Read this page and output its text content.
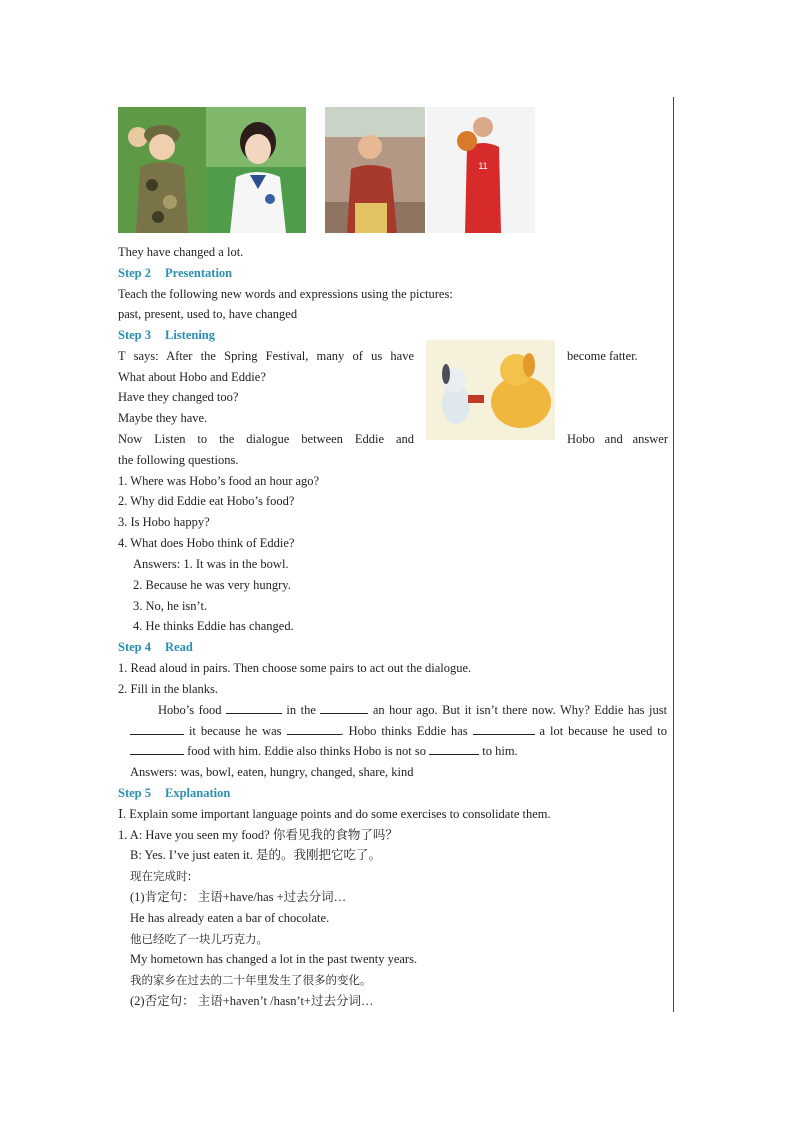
11
They have changed a lot.
Step 2 Presentation
Teach the following new words and expressions using the pictures:
past, present, used to, have changed
Step 3 Listening
T says: After the Spring Festival, many of us have	become fatter.
What about Hobo and Eddie?
Have they changed too?
Maybe they have.
Now Listen to the dialogue between Eddie and	Hobo and answer
the following questions.
1. Where was Hobo’s food an hour ago?
2. Why did Eddie eat Hobo’s food?
3. Is Hobo happy?
4. What does Hobo think of Eddie?
Answers: 1. It was in the bowl.
2. Because he was very hungry.
3. No, he isn’t.
4. He thinks Eddie has changed.
Step 4 Read
1. Read aloud in pairs. Then choose some pairs to act out the dialogue.
2. Fill in the blanks.
Hobo’s food	in the	an hour ago. But it isn’t there now. Why? Eddie has just  it because he was	. Hobo thinks Eddie has	a lot because he used to  food with him. Eddie also thinks Hobo is not so	to him.
Answers: was, bowl, eaten, hungry, changed, share, kind
Step 5 Explanation
Ⅰ. Explain some important language points and do some exercises to consolidate them.
1. A: Have you seen my food? 你看见我的食物了吗？
B: Yes. I’ve just eaten it. 是的。我刚把它吃了。
现在完成时:
(1)肯定句： 主语+have/has +过去分词…
He has already eaten a bar of chocolate.
他已经吃了一块儿巧克力。
My hometown has changed a lot in the past twenty years.
我的家乡在过去的二十年里发生了很多的变化。
(2)否定句： 主语+haven’t /hasn’t+过去分词…
